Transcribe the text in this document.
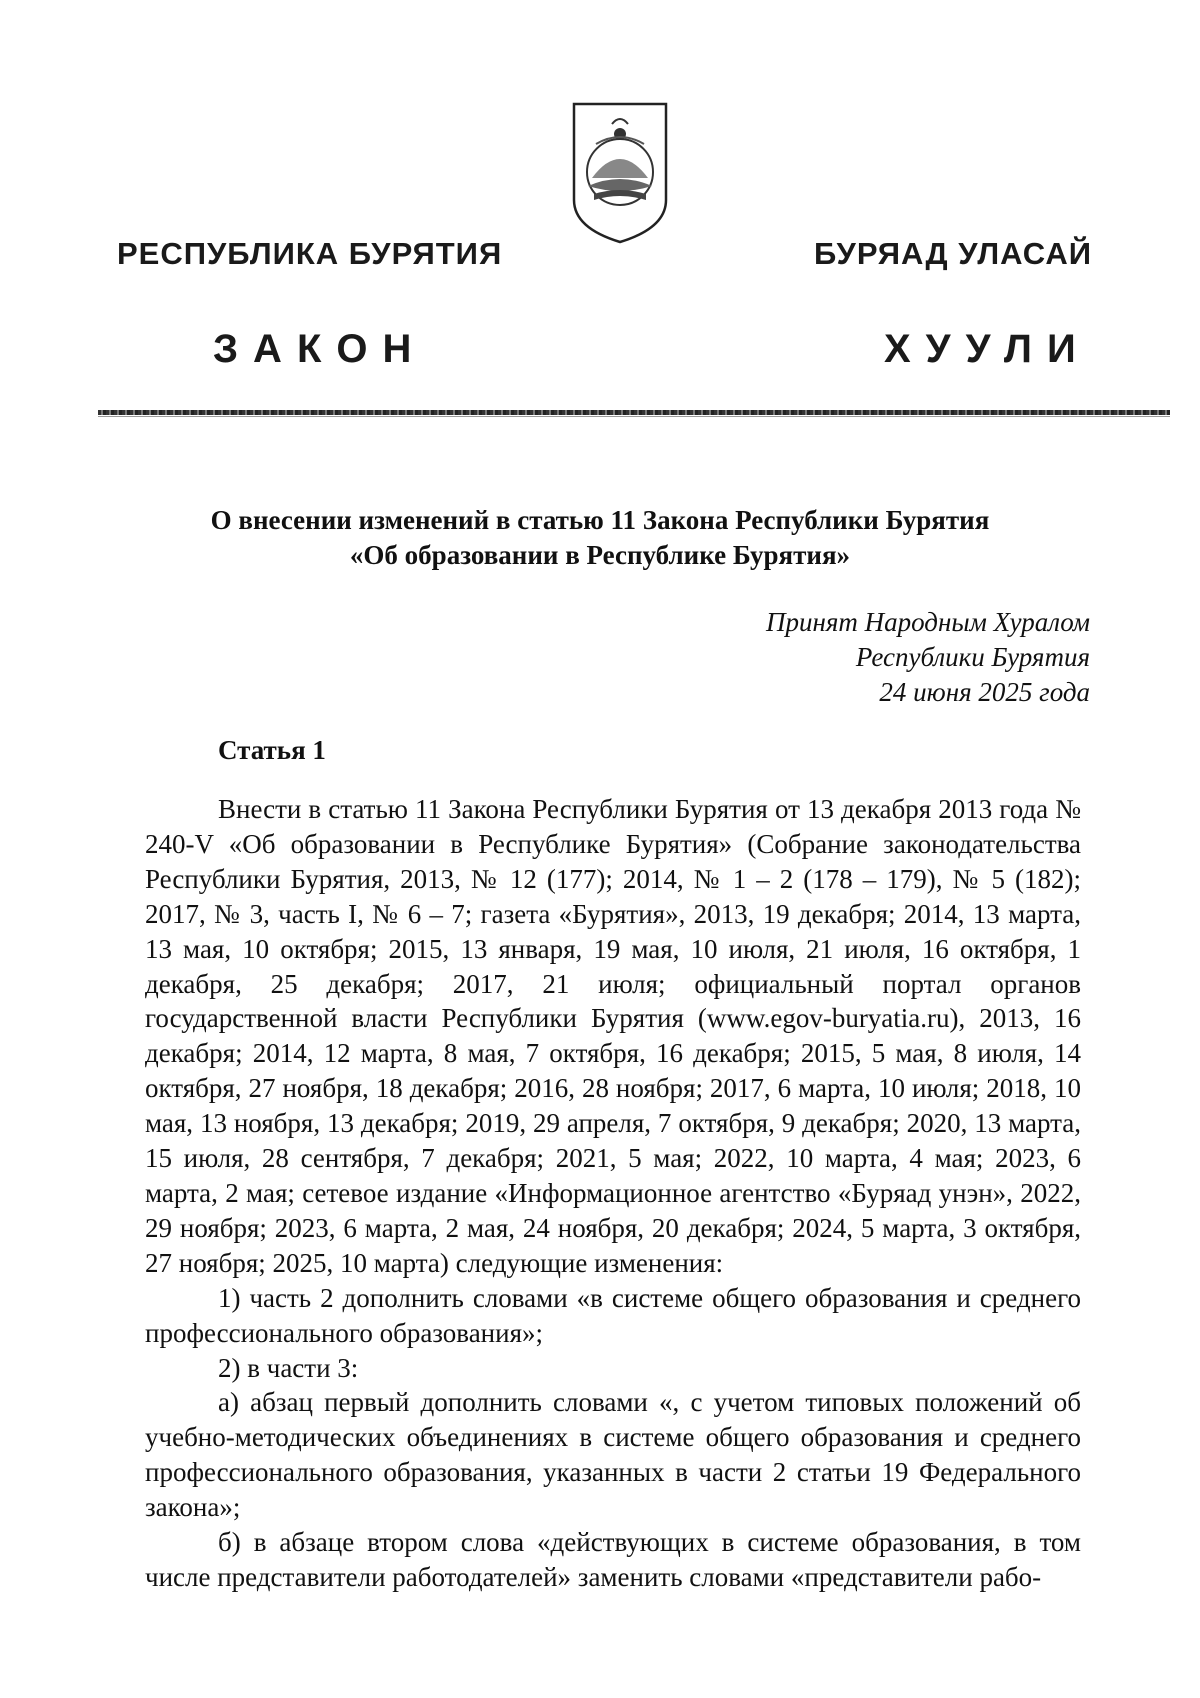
РЕСПУБЛИКА БУРЯТИЯ	БУРЯАД УЛАСАЙ
ЗАКОН	ХУУЛИ
О внесении изменений в статью 11 Закона Республики Бурятия
«Об образовании в Республике Бурятия»
Принят Народным Хуралом
Республики Бурятия
24 июня 2025 года
Статья 1

Внести в статью 11 Закона Республики Бурятия от 13 декабря 2013 года № 240-V «Об образовании в Республике Бурятия» (Собрание законодательства Республики Бурятия, 2013, № 12 (177); 2014, № 1 – 2 (178 – 179), № 5 (182); 2017, № 3, часть I, № 6 – 7; газета «Бурятия», 2013, 19 декабря; 2014, 13 марта, 13 мая, 10 октября; 2015, 13 января, 19 мая, 10 июля, 21 июля, 16 октября, 1 декабря, 25 декабря; 2017, 21 июля; официальный портал органов государственной власти Республики Бурятия (www.egov-buryatia.ru), 2013, 16 декабря; 2014, 12 марта, 8 мая, 7 октября, 16 декабря; 2015, 5 мая, 8 июля, 14 октября, 27 ноября, 18 декабря; 2016, 28 ноября; 2017, 6 марта, 10 июля; 2018, 10 мая, 13 ноября, 13 декабря; 2019, 29 апреля, 7 октября, 9 декабря; 2020, 13 марта, 15 июля, 28 сентября, 7 декабря; 2021, 5 мая; 2022, 10 марта, 4 мая; 2023, 6 марта, 2 мая; сетевое издание «Информационное агентство «Буряад унэн», 2022, 29 ноября; 2023, 6 марта, 2 мая, 24 ноября, 20 декабря; 2024, 5 марта, 3 октября, 27 ноября; 2025, 10 марта) следующие изменения:

1) часть 2 дополнить словами «в системе общего образования и среднего профессионального образования»;

2) в части 3:

а) абзац первый дополнить словами «, с учетом типовых положений об учебно-методических объединениях в системе общего образования и среднего профессионального образования, указанных в части 2 статьи 19 Федерального закона»;

б) в абзаце втором слова «действующих в системе образования, в том числе представители работодателей» заменить словами «представители рабо-
